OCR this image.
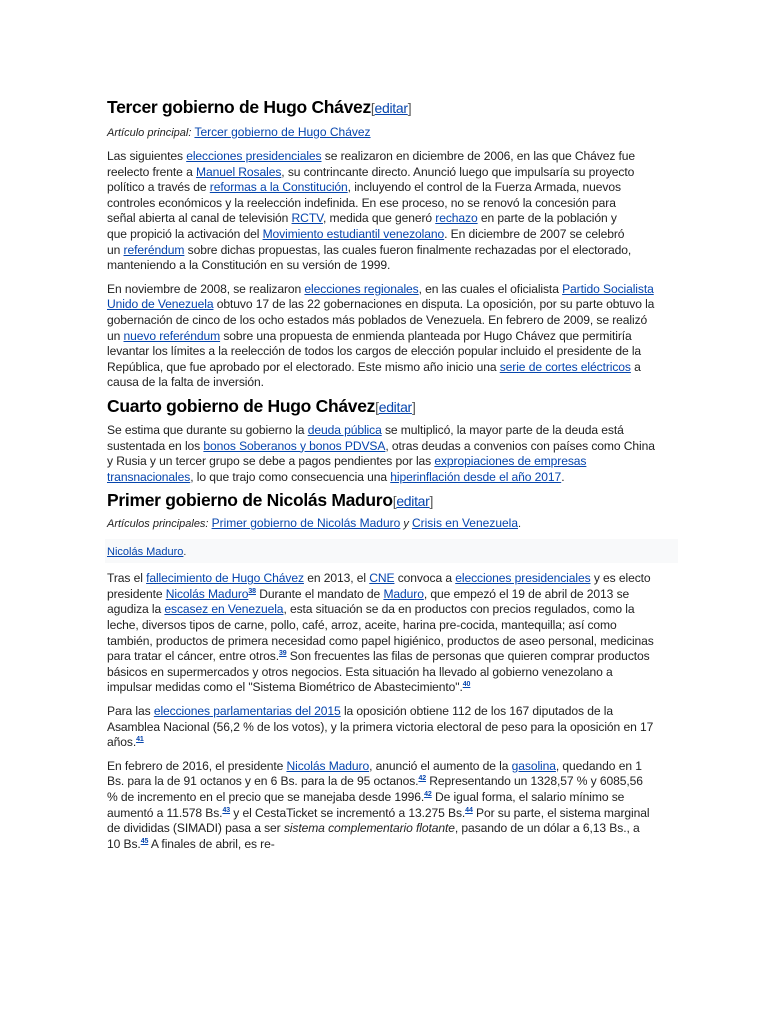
Tercer gobierno de Hugo Chávez[editar]
Artículo principal: Tercer gobierno de Hugo Chávez

Las siguientes elecciones presidenciales se realizaron en diciembre de 2006, en las que Chávez fue reelecto frente a Manuel Rosales, su contrincante directo. Anunció luego que impulsaría su proyecto político a través de reformas a la Constitución, incluyendo el control de la Fuerza Armada, nuevos controles económicos y la reelección indefinida. En ese proceso, no se renovó la concesión para señal abierta al canal de televisión RCTV, medida que generó rechazo en parte de la población y que propició la activación del Movimiento estudiantil venezolano. En diciembre de 2007 se celebró un referéndum sobre dichas propuestas, las cuales fueron finalmente rechazadas por el electorado, manteniendo a la Constitución en su versión de 1999.

En noviembre de 2008, se realizaron elecciones regionales, en las cuales el oficialista Partido Socialista Unido de Venezuela obtuvo 17 de las 22 gobernaciones en disputa. La oposición, por su parte obtuvo la gobernación de cinco de los ocho estados más poblados de Venezuela. En febrero de 2009, se realizó un nuevo referéndum sobre una propuesta de enmienda planteada por Hugo Chávez que permitiría levantar los límites a la reelección de todos los cargos de elección popular incluido el presidente de la República, que fue aprobado por el electorado. Este mismo año inicio una serie de cortes eléctricos a causa de la falta de inversión.

Cuarto gobierno de Hugo Chávez[editar]

Se estima que durante su gobierno la deuda pública se multiplicó, la mayor parte de la deuda está sustentada en los bonos Soberanos y bonos PDVSA, otras deudas a convenios con países como China y Rusia y un tercer grupo se debe a pagos pendientes por las expropiaciones de empresas transnacionales, lo que trajo como consecuencia una hiperinflación desde el año 2017.

Primer gobierno de Nicolás Maduro[editar]
Artículos principales: Primer gobierno de Nicolás Maduro y Crisis en Venezuela.
Nicolás Maduro.

Tras el fallecimiento de Hugo Chávez en 2013, el CNE convoca a elecciones presidenciales y es electo presidente Nicolás Maduro$^{38}$ Durante el mandato de Maduro, que empezó el 19 de abril de 2013 se agudiza la escasez en Venezuela, esta situación se da en productos con precios regulados, como la leche, diversos tipos de carne, pollo, café, arroz, aceite, harina pre-cocida, mantequilla; así como también, productos de primera necesidad como papel higiénico, productos de aseo personal, medicinas para tratar el cáncer, entre otros.$^{39}$ Son frecuentes las filas de personas que quieren comprar productos básicos en supermercados y otros negocios. Esta situación ha llevado al gobierno venezolano a impulsar medidas como el "Sistema Biométrico de Abastecimiento".$^{40}$

Para las elecciones parlamentarias del 2015 la oposición obtiene 112 de los 167 diputados de la Asamblea Nacional (56,2 % de los votos), y la primera victoria electoral de peso para la oposición en 17 años.$^{41}$

En febrero de 2016, el presidente Nicolás Maduro, anunció el aumento de la gasolina, quedando en 1 Bs. para la de 91 octanos y en 6 Bs. para la de 95 octanos.$^{42}$ Representando un 1328,57 % y 6085,56 % de incremento en el precio que se manejaba desde 1996.42 De igual forma, el salario mínimo se aumentó a 11.578 Bs.$^{43}$ y el CestaTicket se incrementó a 13.275 Bs.$^{44}$ Por su parte, el sistema marginal de divididas (SIMADI) pasa a ser sistema complementario flotante, pasando de un dólar a 6,13 Bs., a 10 Bs.$^{45}$ A finales de abril, es re-
